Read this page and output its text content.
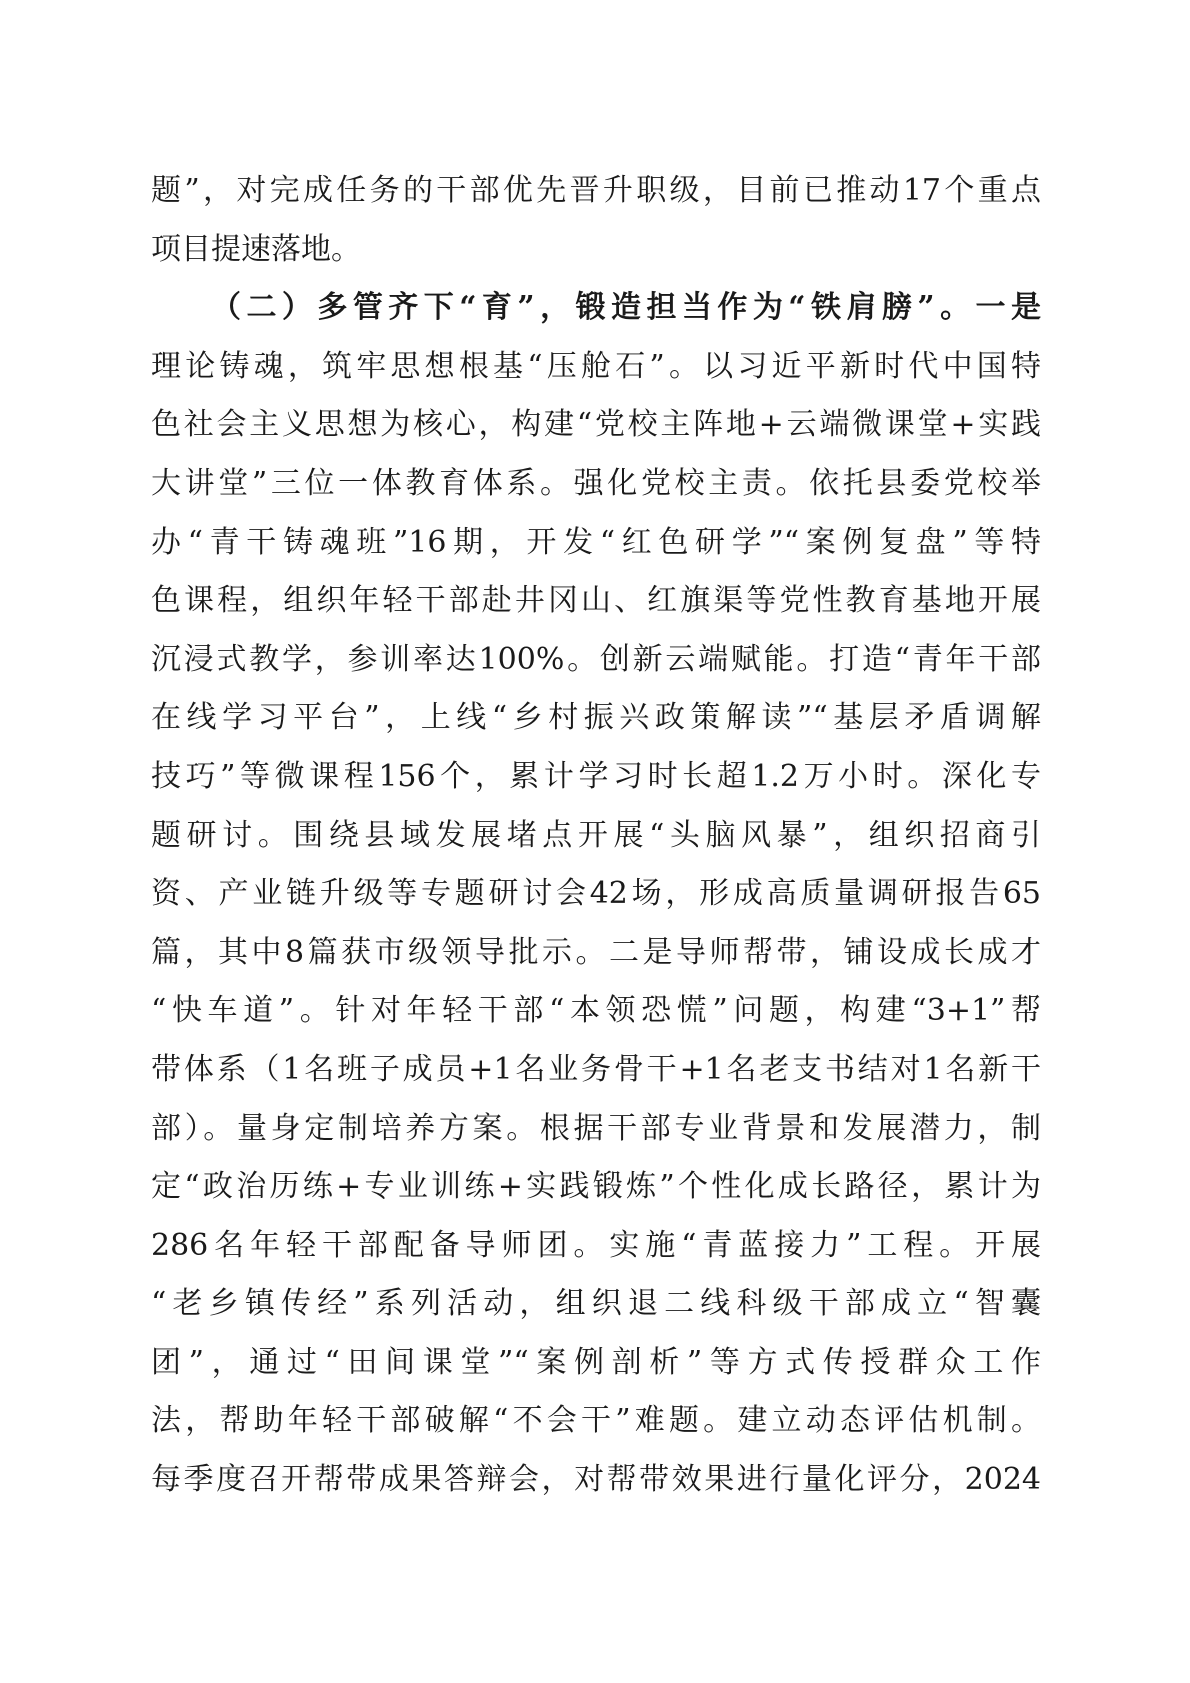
题”，对完成任务的干部优先晋升职级，目前已推动17个重点
项目提速落地。
（二）多管齐下“育”，锻造担当作为“铁肩膀”。一是
理论铸魂，筑牢思想根基“压舱石”。以习近平新时代中国特
色社会主义思想为核心，构建“党校主阵地+云端微课堂+实践
大讲堂”三位一体教育体系。强化党校主责。依托县委党校举
办“青干铸魂班”16期，开发“红色研学”“案例复盘”等特
色课程，组织年轻干部赴井冈山、红旗渠等党性教育基地开展
沉浸式教学，参训率达100%。创新云端赋能。打造“青年干部
在线学习平台”，上线“乡村振兴政策解读”“基层矛盾调解
技巧”等微课程156个，累计学习时长超1.2万小时。深化专
题研讨。围绕县域发展堵点开展“头脑风暴”，组织招商引
资、产业链升级等专题研讨会42场，形成高质量调研报告65
篇，其中8篇获市级领导批示。二是导师帮带，铺设成长成才
“快车道”。针对年轻干部“本领恐慌”问题，构建“3+1”帮
带体系（1名班子成员+1名业务骨干+1名老支书结对1名新干
部）。量身定制培养方案。根据干部专业背景和发展潜力，制
定“政治历练+专业训练+实践锻炼”个性化成长路径，累计为
286名年轻干部配备导师团。实施“青蓝接力”工程。开展
“老乡镇传经”系列活动，组织退二线科级干部成立“智囊
团”，通过“田间课堂”“案例剖析”等方式传授群众工作
法，帮助年轻干部破解“不会干”难题。建立动态评估机制。
每季度召开帮带成果答辩会，对帮带效果进行量化评分，2024
